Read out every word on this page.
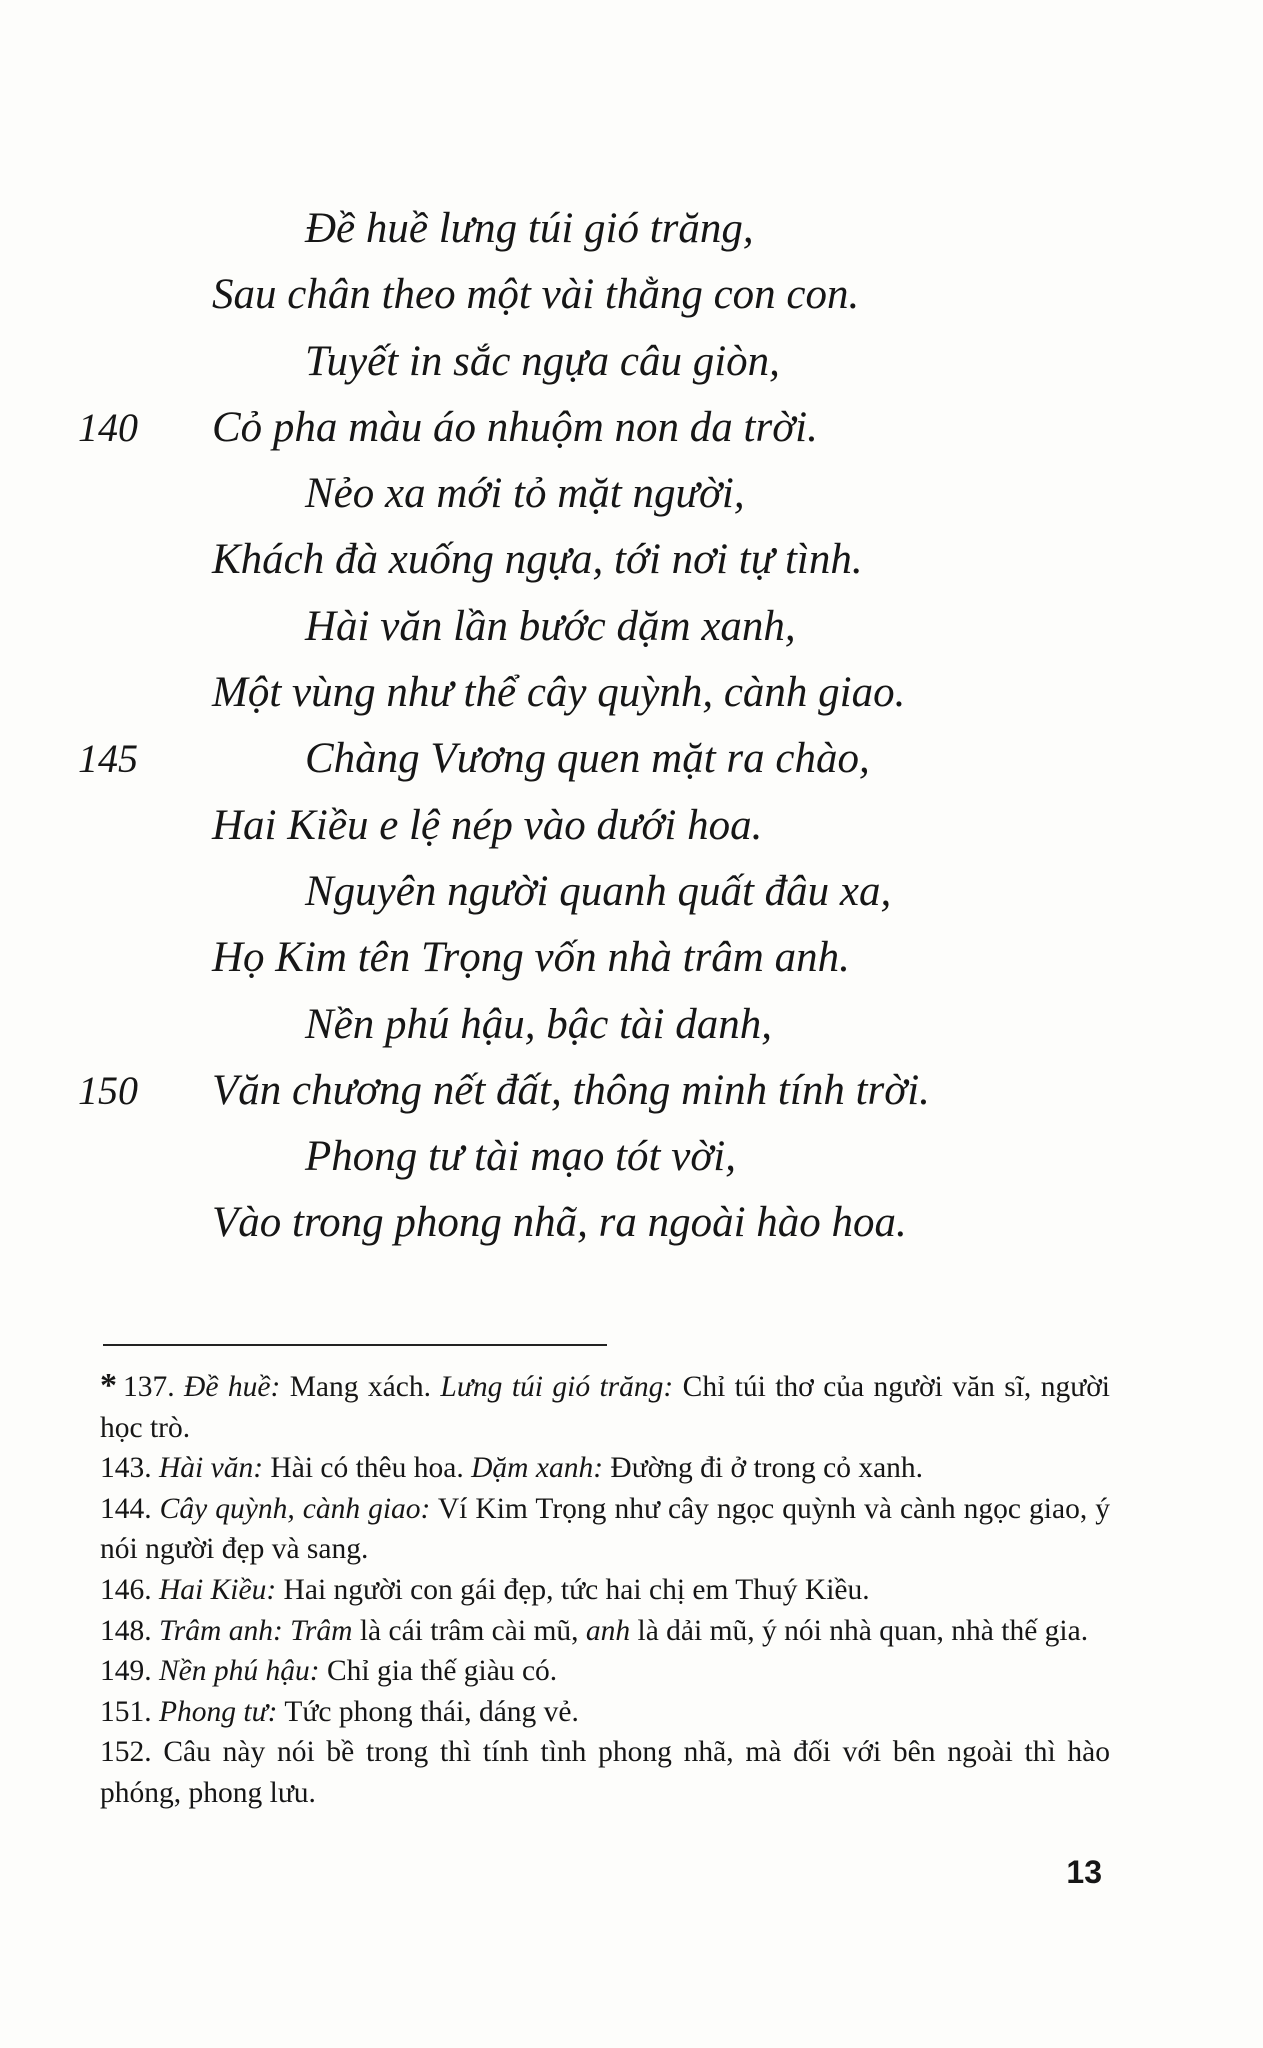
Đề huề lưng túi gió trăng,
Sau chân theo một vài thằng con con.
Tuyết in sắc ngựa câu giòn,
140 Cỏ pha màu áo nhuộm non da trời.
Nẻo xa mới tỏ mặt người,
Khách đà xuống ngựa, tới nơi tự tình.
Hài văn lần bước dặm xanh,
Một vùng như thể cây quỳnh, cành giao.
145	Chàng Vương quen mặt ra chào,
Hai Kiều e lệ nép vào dưới hoa.
Nguyên người quanh quất đâu xa,
Họ Kim tên Trọng vốn nhà trâm anh.
Nền phú hậu, bậc tài danh,
150 Văn chương nết đất, thông minh tính trời.
Phong tư tài mạo tót vời,
Vào trong phong nhã, ra ngoài hào hoa.

* 137. Đề huề: Mang xách. Lưng túi gió trăng: Chỉ túi thơ của người văn sĩ, người học trò.

143. Hài văn: Hài có thêu hoa. Dặm xanh: Đường đi ở trong cỏ xanh.

144. Cây quỳnh, cành giao: Ví Kim Trọng như cây ngọc quỳnh và cành ngọc giao, ý nói người đẹp và sang.

146. Hai Kiều: Hai người con gái đẹp, tức hai chị em Thuý Kiều.

148. Trâm anh: Trâm là cái trâm cài mũ, anh là dải mũ, ý nói nhà quan, nhà thế gia.

149. Nền phú hậu: Chỉ gia thế giàu có.

151. Phong tư: Tức phong thái, dáng vẻ.

152. Câu này nói bề trong thì tính tình phong nhã, mà đối với bên ngoài thì hào phóng, phong lưu.

13
